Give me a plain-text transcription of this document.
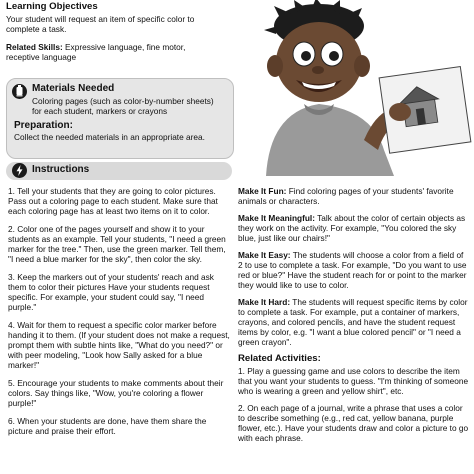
Learning Objectives
Your student will request an item of specific color to
complete a task.
Related Skills: Expressive language, fine motor,
receptive language
Materials Needed
Coloring pages (such as color-by-number sheets)
for each student, markers or crayons
Preparation:
Collect the needed materials in an appropriate area.
Instructions

1. Tell your students that they are going to color pictures. Pass out a coloring page to each student. Make sure that each coloring page has at least two items on it to color.

2. Color one of the pages yourself and show it to your students as an example. Tell your students, "I need a green marker for the tree." Then, use the green marker. Tell them, "I need a blue marker for the sky", then color the sky.

3. Keep the markers out of your students' reach and ask them to color their pictures Have your students request specific. For example, your student could say, "I need purple."

4. Wait for them to request a specific color marker before handing it to them. (If your student does not make a request, prompt them with subtle hints like, "What do you need?" or with peer modeling, "Look how Sally asked for a blue marker!"

5. Encourage your students to make comments about their colors. Say things like, "Wow, you're coloring a flower purple!"

6. When your students are done, have them share the picture and praise their effort.

Make It Fun: Find coloring pages of your students' favorite animals or characters.

Make It Meaningful: Talk about the color of certain objects as they work on the activity. For example, "You colored the sky blue, just like our chairs!"

Make It Easy: The students will choose a color from a field of 2 to use to complete a task. For example, "Do you want to use red or blue?" Have the student reach for or point to the marker they would like to use to color.

Make It Hard: The students will request specific items by color to complete a task. For example, put a container of markers, crayons, and colored pencils, and have the student request items by color, e.g. "I want a blue colored pencil" or "I need a green crayon".

Related Activities:

1. Play a guessing game and use colors to describe the item that you want your students to guess. "I'm thinking of someone who is wearing a green and yellow shirt", etc.

2. On each page of a journal, write a phrase that uses a color to describe something (e.g., red cat, yellow banana, purple flower, etc.). Have your students draw and color a picture to go with each phrase.
